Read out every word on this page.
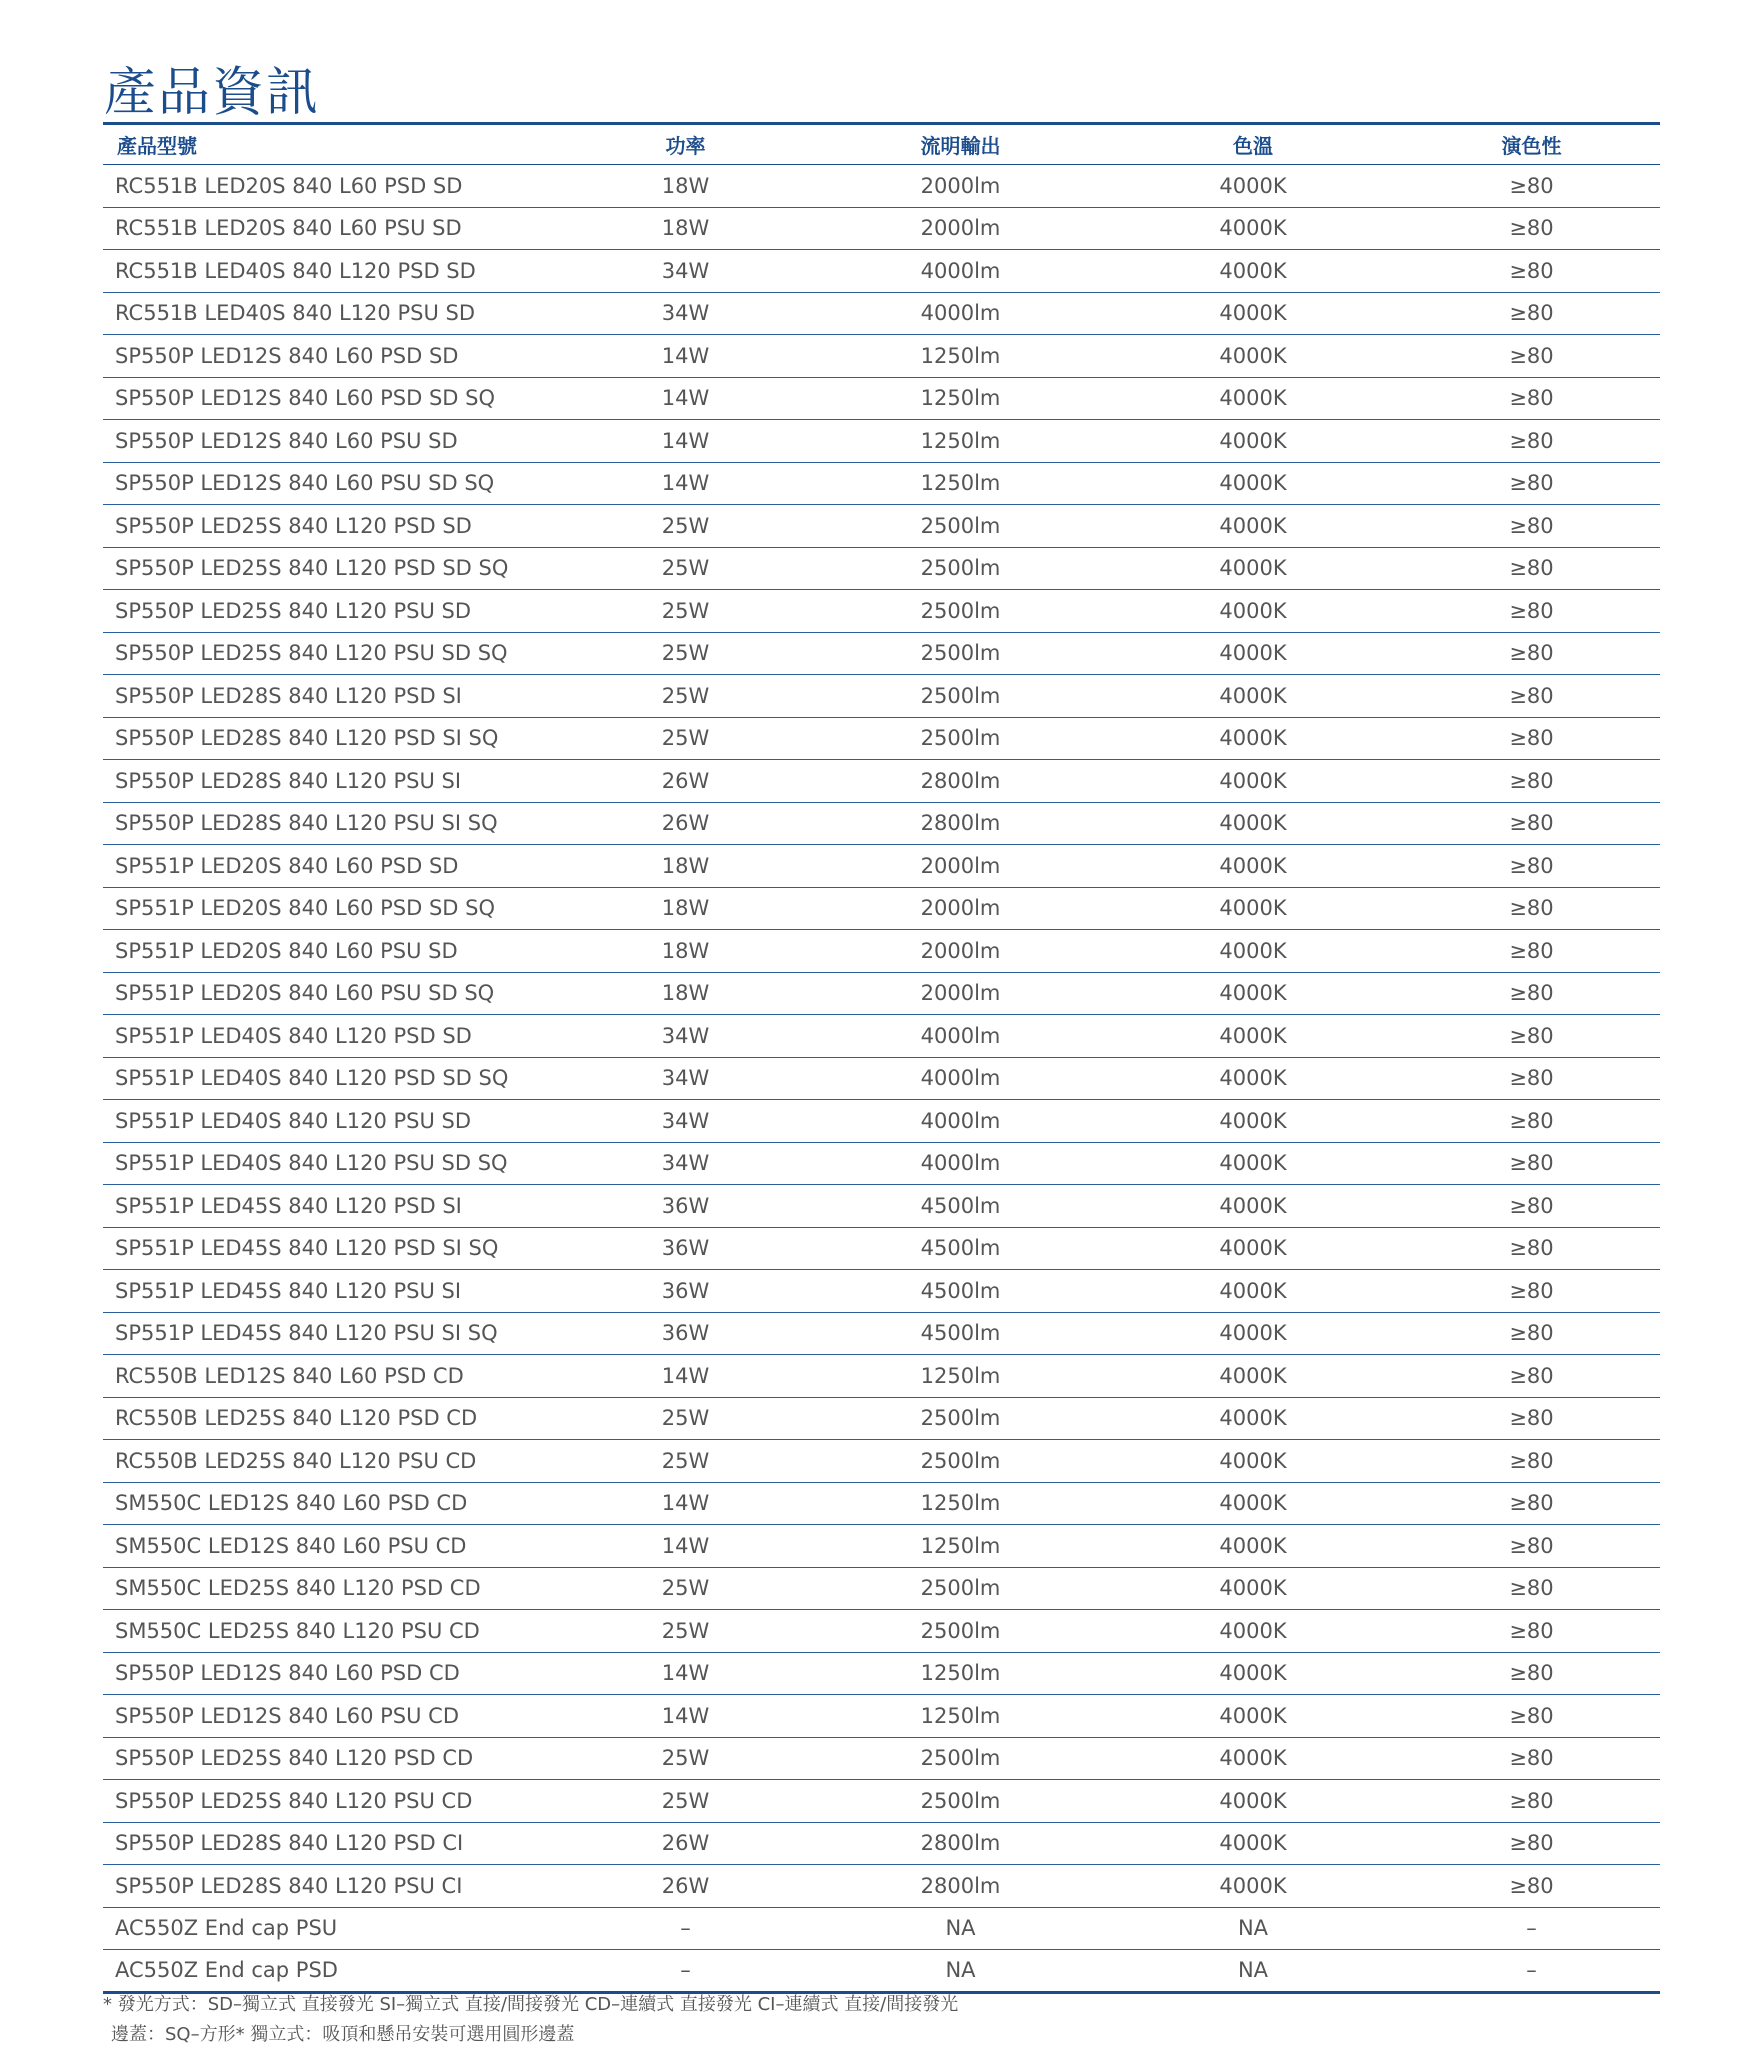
產品資訊
產品型號	功率	流明輸出	色溫	演色性
RC551B LED20S 840 L60 PSD SD	18W	2000lm	4000K	≥80
RC551B LED20S 840 L60 PSU SD	18W	2000lm	4000K	≥80
RC551B LED40S 840 L120 PSD SD	34W	4000lm	4000K	≥80
RC551B LED40S 840 L120 PSU SD	34W	4000lm	4000K	≥80
SP550P LED12S 840 L60 PSD SD	14W	1250lm	4000K	≥80
SP550P LED12S 840 L60 PSD SD SQ	14W	1250lm	4000K	≥80
SP550P LED12S 840 L60 PSU SD	14W	1250lm	4000K	≥80
SP550P LED12S 840 L60 PSU SD SQ	14W	1250lm	4000K	≥80
SP550P LED25S 840 L120 PSD SD	25W	2500lm	4000K	≥80
SP550P LED25S 840 L120 PSD SD SQ	25W	2500lm	4000K	≥80
SP550P LED25S 840 L120 PSU SD	25W	2500lm	4000K	≥80
SP550P LED25S 840 L120 PSU SD SQ	25W	2500lm	4000K	≥80
SP550P LED28S 840 L120 PSD SI	25W	2500lm	4000K	≥80
SP550P LED28S 840 L120 PSD SI SQ	25W	2500lm	4000K	≥80
SP550P LED28S 840 L120 PSU SI	26W	2800lm	4000K	≥80
SP550P LED28S 840 L120 PSU SI SQ	26W	2800lm	4000K	≥80
SP551P LED20S 840 L60 PSD SD	18W	2000lm	4000K	≥80
SP551P LED20S 840 L60 PSD SD SQ	18W	2000lm	4000K	≥80
SP551P LED20S 840 L60 PSU SD	18W	2000lm	4000K	≥80
SP551P LED20S 840 L60 PSU SD SQ	18W	2000lm	4000K	≥80
SP551P LED40S 840 L120 PSD SD	34W	4000lm	4000K	≥80
SP551P LED40S 840 L120 PSD SD SQ	34W	4000lm	4000K	≥80
SP551P LED40S 840 L120 PSU SD	34W	4000lm	4000K	≥80
SP551P LED40S 840 L120 PSU SD SQ	34W	4000lm	4000K	≥80
SP551P LED45S 840 L120 PSD SI	36W	4500lm	4000K	≥80
SP551P LED45S 840 L120 PSD SI SQ	36W	4500lm	4000K	≥80
SP551P LED45S 840 L120 PSU SI	36W	4500lm	4000K	≥80
SP551P LED45S 840 L120 PSU SI SQ	36W	4500lm	4000K	≥80
RC550B LED12S 840 L60 PSD CD	14W	1250lm	4000K	≥80
RC550B LED25S 840 L120 PSD CD	25W	2500lm	4000K	≥80
RC550B LED25S 840 L120 PSU CD	25W	2500lm	4000K	≥80
SM550C LED12S 840 L60 PSD CD	14W	1250lm	4000K	≥80
SM550C LED12S 840 L60 PSU CD	14W	1250lm	4000K	≥80
SM550C LED25S 840 L120 PSD CD	25W	2500lm	4000K	≥80
SM550C LED25S 840 L120 PSU CD	25W	2500lm	4000K	≥80
SP550P LED12S 840 L60 PSD CD	14W	1250lm	4000K	≥80
SP550P LED12S 840 L60 PSU CD	14W	1250lm	4000K	≥80
SP550P LED25S 840 L120 PSD CD	25W	2500lm	4000K	≥80
SP550P LED25S 840 L120 PSU CD	25W	2500lm	4000K	≥80
SP550P LED28S 840 L120 PSD CI	26W	2800lm	4000K	≥80
SP550P LED28S 840 L120 PSU CI	26W	2800lm	4000K	≥80
AC550Z End cap PSU	–	NA	NA	–
AC550Z End cap PSD	–	NA	NA	–
* 發光方式：SD–獨立式 直接發光 SI–獨立式 直接/間接發光 CD–連續式 直接發光 CI–連續式 直接/間接發光
邊蓋：SQ–方形* 獨立式：吸頂和懸吊安裝可選用圓形邊蓋
